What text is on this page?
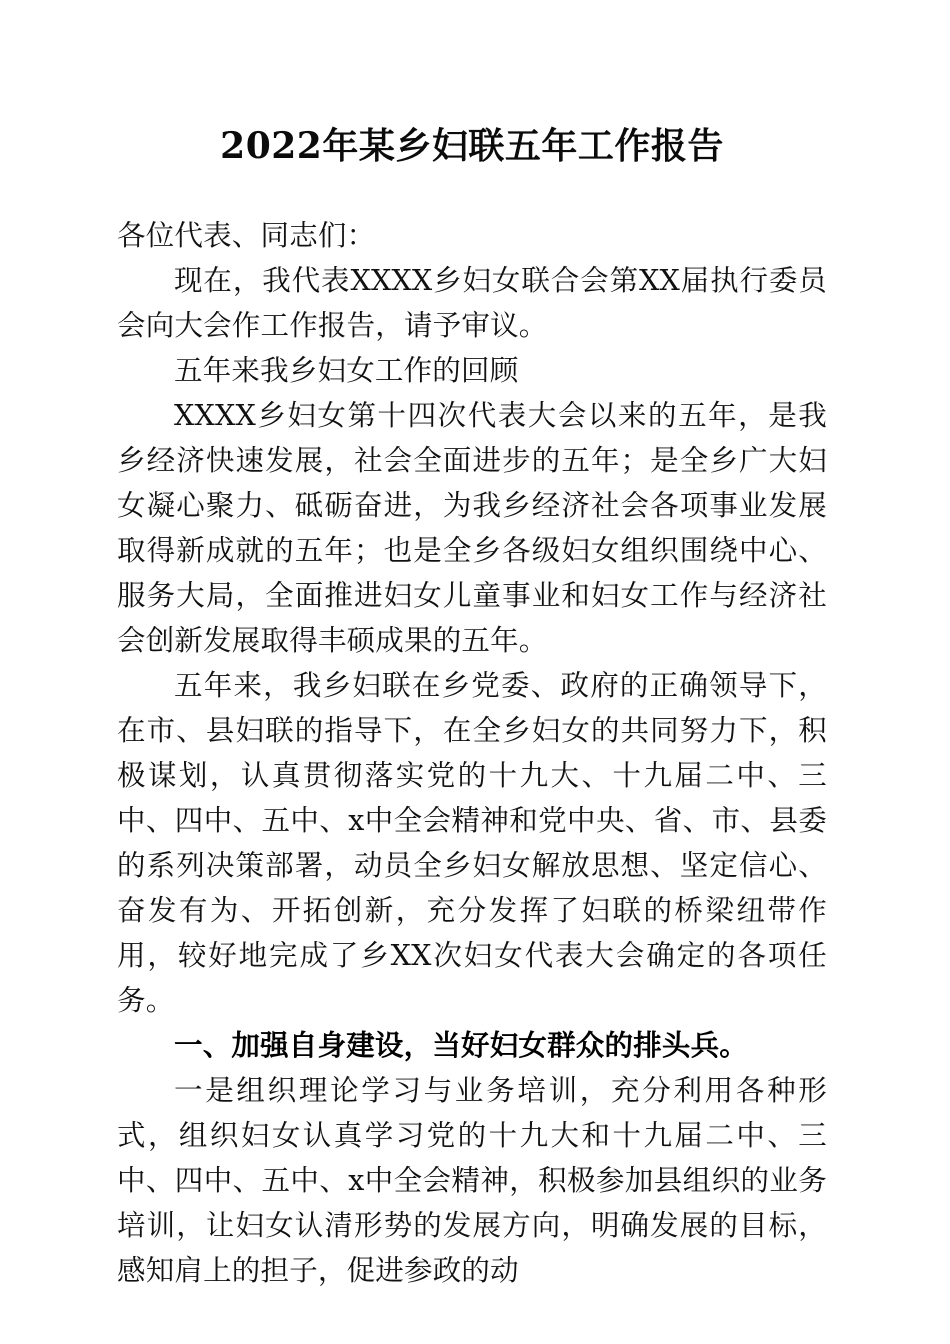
2022年某乡妇联五年工作报告

各位代表、同志们：

现在，我代表XXXX乡妇女联合会第XX届执行委员会向大会作工作报告，请予审议。

五年来我乡妇女工作的回顾

XXXX乡妇女第十四次代表大会以来的五年，是我乡经济快速发展，社会全面进步的五年；是全乡广大妇女凝心聚力、砥砺奋进，为我乡经济社会各项事业发展取得新成就的五年；也是全乡各级妇女组织围绕中心、服务大局，全面推进妇女儿童事业和妇女工作与经济社会创新发展取得丰硕成果的五年。

五年来，我乡妇联在乡党委、政府的正确领导下，在市、县妇联的指导下，在全乡妇女的共同努力下，积极谋划，认真贯彻落实党的十九大、十九届二中、三中、四中、五中、x中全会精神和党中央、省、市、县委的系列决策部署，动员全乡妇女解放思想、坚定信心、奋发有为、开拓创新，充分发挥了妇联的桥梁纽带作用，较好地完成了乡XX次妇女代表大会确定的各项任务。

一、加强自身建设，当好妇女群众的排头兵。

一是组织理论学习与业务培训，充分利用各种形式，组织妇女认真学习党的十九大和十九届二中、三中、四中、五中、x中全会精神，积极参加县组织的业务培训，让妇女认清形势的发展方向，明确发展的目标，感知肩上的担子，促进参政的动
